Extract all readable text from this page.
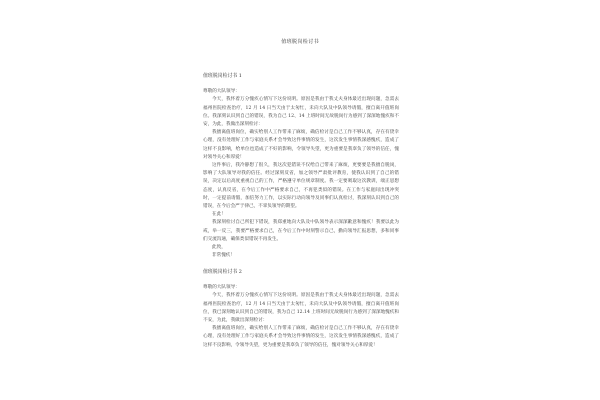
值班脱岗检讨书
值班脱岗检讨书 1
尊敬的大队领导：
今天，我怀着万分愧疚心情写下这份说明。原因是我由于我丈夫身体最近出现问题，急需去福州医院检查治疗，12 月 14 日当天由于太匆忙，未向大队及中队领导请假，擅自离开值班岗位。我深刻认识到自己的错误，我为自己 12、14 上班时间无故脱岗行为感到了深深地愧疚和不安，为此，我做出深刻检讨：
我擅离值班岗位，确实给别人工作带来了麻烦，确信检讨是自己工作不够认真，存在有侥幸心理，没有处理好工作与家庭关系才会导致这件事情的发生，这次发生事情我深感愧疚，造成了这样不良影响，给单位也造成了不好的影响，令领导失望，更为重要是我辜负了领导的信任，愧对领导关心和厚爱！
这件事后，我冷静想了很久，我这次犯错误不仅给自己带来了麻烦，更要要是我擅自脱岗，影响了大队领导对我的信任。经过深刻反省，加之领导严肃批评教育，使我认识到了自己的错误，决定以后高度重视自己的工作，严格遵守单位规章制度。我一定要吸取这次教训，端正思想态度，认真反省，在今后工作中严格要求自己，不再犯类似的错误。在工作与家庭间出现冲突时，一定提前请假，加倍努力工作，以实际行动向领导及同事们认真检讨，我深刻认识到自己的错误，在今后会严于律己，不辜负领导的期望。
在此！
我深刻检讨自己所犯下错误，我郑重地向大队及中队领导表示深深歉意和愧疚！我要以此为戒，举一反三，我要严格要求自己，在今后工作中时刻警示自己，勤向领导汇报思想，多和同事们交流沟通，确保类似错误不再发生。
此致，
非常愧疚！
值班脱岗检讨书 2
尊敬的大队领导：
今天，我怀着万分愧疚心情写下这份说明。原因是我由于我丈夫身体最近出现问题，急需去福州医院检查治疗，12 月 14 日当天由于太匆忙，未向大队及中队领导请假，擅自离开值班岗位，我已深刻地认识到自己的错误，我为自己 12.14 上班时间无故脱岗行为感到了深深地愧疚和不安，为此，我做出深刻检讨：
我擅离值班岗位，确实给别人工作带来了麻烦，确信检讨是自己工作不够认真，存在有侥幸心理，没有处理好工作与家庭关系才会导致这件事情的发生，这次发生事情我深感愧疚，造成了这样不良影响，令领导失望，更为重要是我辜负了领导的信任，愧对领导关心和厚爱！
